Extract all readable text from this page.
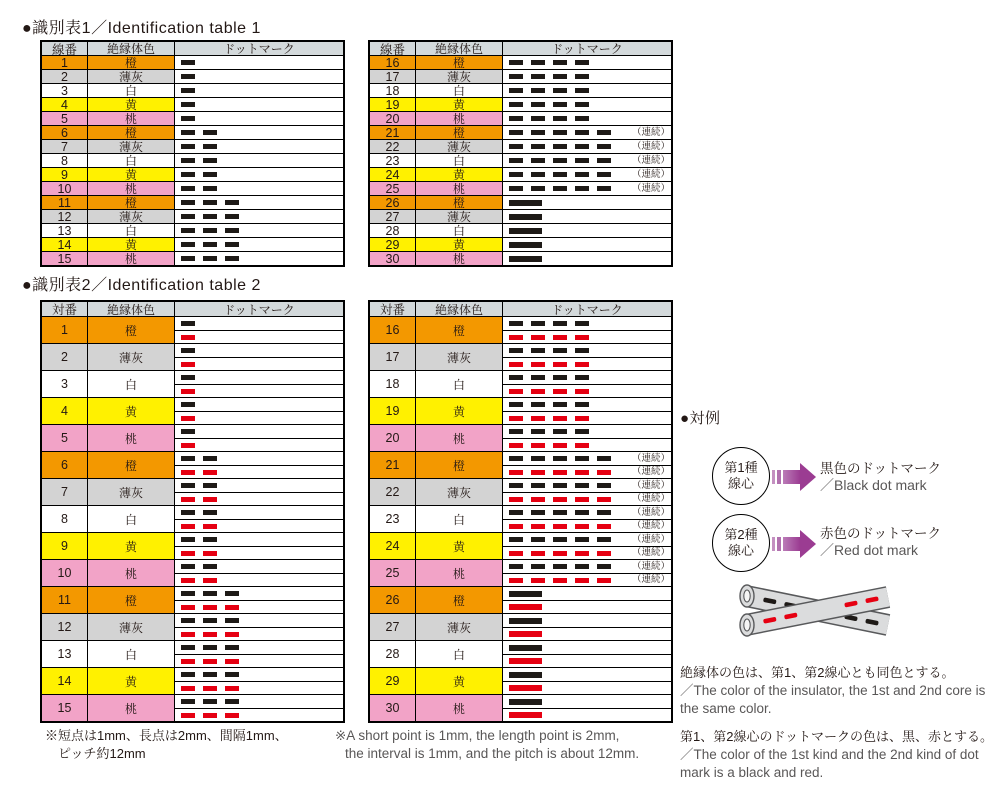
●識別表1／Identification table 1
線番	絶縁体色	ドットマーク
1	橙
2	薄灰
3	白
4	黄
5	桃
6	橙
7	薄灰
8	白
9	黄
10	桃
11	橙
12	薄灰
13	白
14	黄
15	桃
線番	絶縁体色	ドットマーク
16	橙
17	薄灰
18	白
19	黄
20	桃
21	橙	（連続）
22	薄灰	（連続）
23	白	（連続）
24	黄	（連続）
25	桃	（連続）
26	橙
27	薄灰
28	白
29	黄
30	桃
●識別表2／Identification table 2
対番	絶縁体色	ドットマーク
1	橙
2	薄灰
3	白
4	黄
5	桃
6	橙
7	薄灰
8	白
9	黄
10	桃
11	橙
12	薄灰
13	白
14	黄
15	桃
対番	絶縁体色	ドットマーク
16	橙
17	薄灰
18	白
19	黄
20	桃
21	橙
（連続）
（連続）
22	薄灰
（連続）
（連続）
23	白
（連続）
（連続）
24	黄
（連続）
（連続）
25	桃
（連続）
（連続）
26	橙
27	薄灰
28	白
29	黄
30	桃
●対例
第1種
線心
黒色のドットマーク
／Black dot mark
第2種
線心
赤色のドットマーク
／Red dot mark
絶縁体の色は、第1、第2線心とも同色とする。
／The color of the insulator, the 1st and 2nd core is the same color.
第1、第2線心のドットマークの色は、黒、赤とする。
／The color of the 1st kind and the 2nd kind of dot mark is a black and red.
※短点は1mm、長点は2mm、間隔1mm、
ピッチ約12mm
※A short point is 1mm, the length point is 2mm,
the interval is 1mm, and the pitch is about 12mm.
